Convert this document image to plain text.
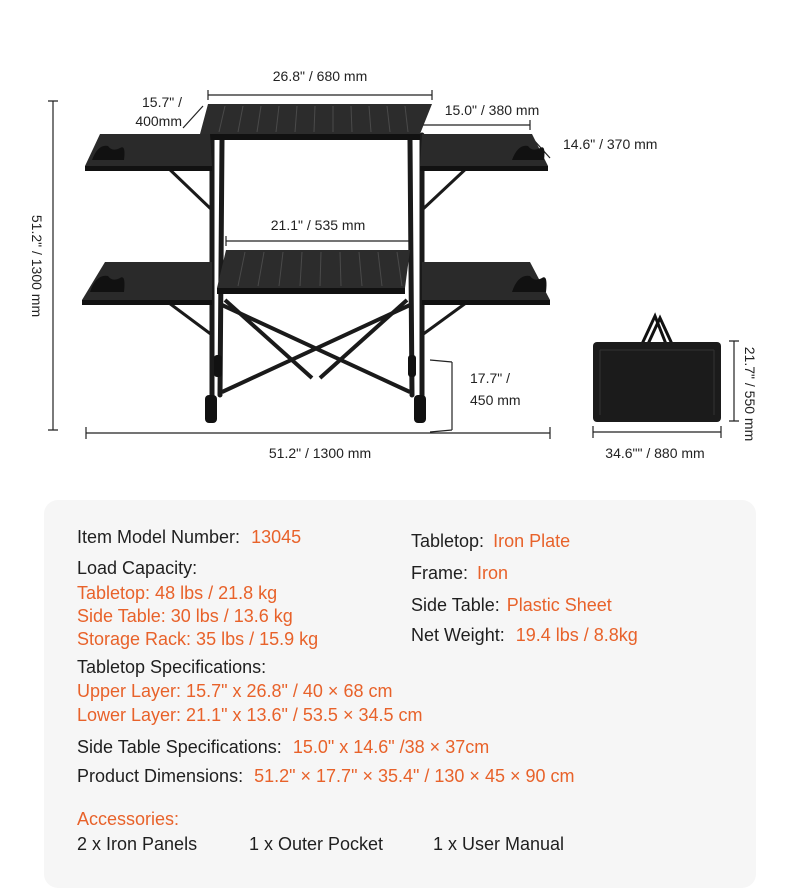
26.8" / 680 mm
15.7" /
400mm
15.0" / 380 mm
14.6" / 370 mm
21.1" / 535 mm
51.2" / 1300 mm
17.7" /
450 mm
51.2" / 1300 mm
21.7" / 550 mm
34.6"" / 880 mm
Item Model Number: 13045
Load Capacity:
Tabletop: 48 lbs / 21.8 kg
Side Table: 30 lbs / 13.6 kg
Storage Rack: 35 lbs / 15.9 kg
Tabletop: Iron Plate
Frame: Iron
Side Table: Plastic Sheet
Net Weight: 19.4 lbs / 8.8kg
Tabletop Specifications:
Upper Layer: 15.7" x 26.8" / 40 × 68 cm
Lower Layer: 21.1" x 13.6" / 53.5 × 34.5 cm
Side Table Specifications: 15.0" x 14.6" /38 × 37cm
Product Dimensions: 51.2" × 17.7" × 35.4" / 130 × 45 × 90 cm
Accessories:
2 x Iron Panels	1 x Outer Pocket	1 x User Manual
